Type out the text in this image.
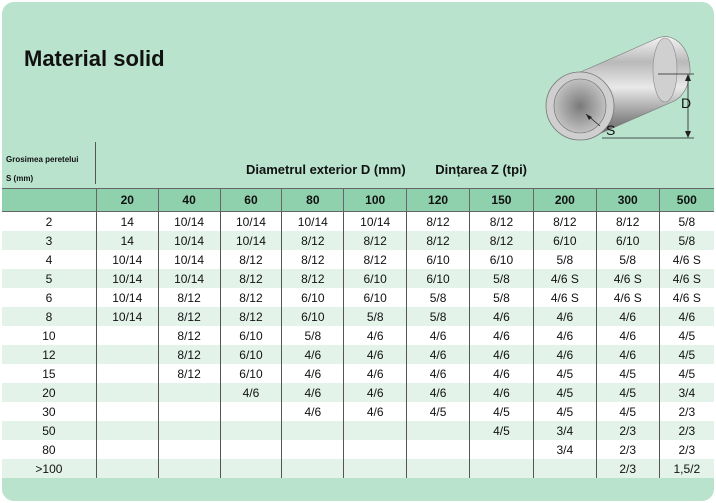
Material solid
D
S
Grosimea peretelui
S (mm)
Diametrul exterior D (mm) Dințarea Z (tpi)
	20	40	60	80	100	120	150	200	300	500
2	14	10/14	10/14	10/14	10/14	8/12	8/12	8/12	8/12	5/8
3	14	10/14	10/14	8/12	8/12	8/12	8/12	6/10	6/10	5/8
4	10/14	10/14	8/12	8/12	8/12	6/10	6/10	5/8	5/8	4/6 S
5	10/14	10/14	8/12	8/12	6/10	6/10	5/8	4/6 S	4/6 S	4/6 S
6	10/14	8/12	8/12	6/10	6/10	5/8	5/8	4/6 S	4/6 S	4/6 S
8	10/14	8/12	8/12	6/10	5/8	5/8	4/6	4/6	4/6	4/6
10		8/12	6/10	5/8	4/6	4/6	4/6	4/6	4/6	4/5
12		8/12	6/10	4/6	4/6	4/6	4/6	4/6	4/6	4/5
15		8/12	6/10	4/6	4/6	4/6	4/6	4/5	4/5	4/5
20			4/6	4/6	4/6	4/6	4/6	4/5	4/5	3/4
30				4/6	4/6	4/5	4/5	4/5	4/5	2/3
50							4/5	3/4	2/3	2/3
80								3/4	2/3	2/3
>100									2/3	1,5/2
